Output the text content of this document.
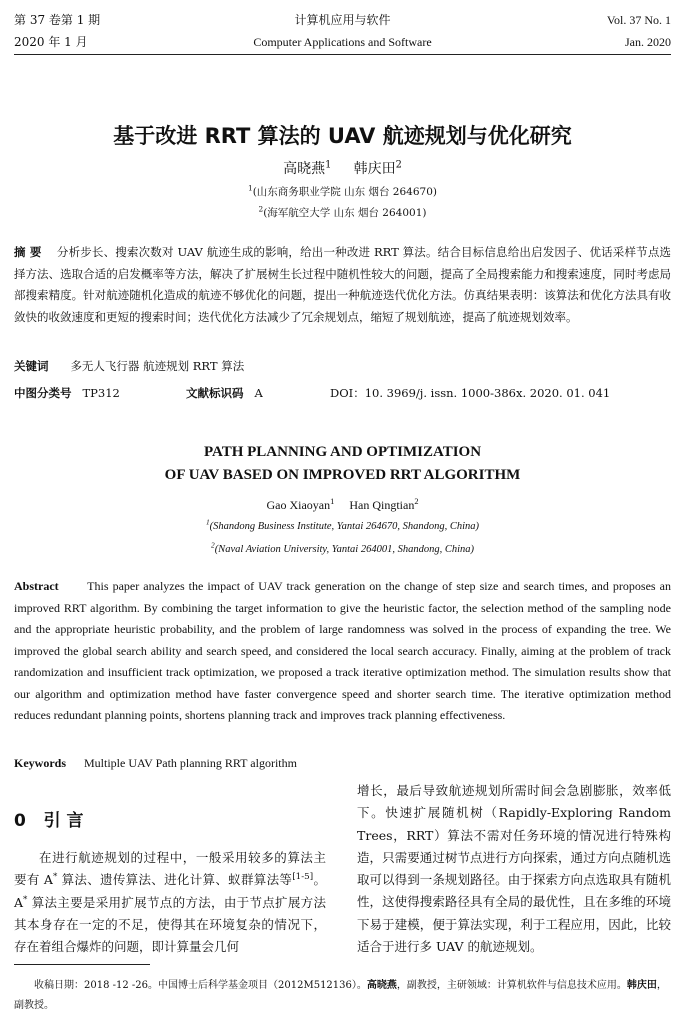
第 37 卷第 1 期
2020 年 1 月
计算机应用与软件
Computer Applications and Software
Vol. 37 No. 1
Jan. 2020
基于改进 RRT 算法的 UAV 航迹规划与优化研究
高晓燕$^1$ 韩庆田$^2$
$^1$(山东商务职业学院 山东 烟台 264670)
$^2$(海军航空大学 山东 烟台 264001)
摘 要 分析步长、搜索次数对 UAV 航迹生成的影响，给出一种改进 RRT 算法。结合目标信息给出启发因子、优话采样节点选择方法、选取合适的启发概率等方法，解决了扩展树生长过程中随机性较大的问题，提高了全局搜索能力和搜索速度，同时考虑局部搜索精度。针对航迹随机化造成的航迹不够优化的问题，提出一种航迹迭代优化方法。仿真结果表明：该算法和优化方法具有收敛快的收敛速度和更短的搜索时间；迭代优化方法减少了冗余规划点，缩短了规划航迹，提高了航迹规划效率。
关键词 多无人飞行器 航迹规划 RRT 算法
中图分类号 TP312	文献标识码 A	DOI：10. 3969/j. issn. 1000-386x. 2020. 01. 041
PATH PLANNING AND OPTIMIZATION
OF UAV BASED ON IMPROVED RRT ALGORITHM
Gao Xiaoyan$^1$ Han Qingtian$^2$
$^1$(Shandong Business Institute, Yantai 264670, Shandong, China)
$^2$(Naval Aviation University, Yantai 264001, Shandong, China)
Abstract This paper analyzes the impact of UAV track generation on the change of step size and search times, and proposes an improved RRT algorithm. By combining the target information to give the heuristic factor, the selection method of the sampling node and the appropriate heuristic probability, and the problem of large randomness was solved in the process of expanding the tree. We improved the global search ability and search speed, and considered the local search accuracy. Finally, aiming at the problem of track randomization and insufficient track optimization, we proposed a track iterative optimization method. The simulation results show that our algorithm and optimization method have faster convergence speed and shorter search time. The iterative optimization method reduces redundant planning points, shortens planning track and improves track planning effectiveness.
Keywords Multiple UAV Path planning RRT algorithm
0 引 言
在进行航迹规划的过程中，一般采用较多的算法主要有 A* 算法、遗传算法、进化计算、蚁群算法等[1-5]。A* 算法主要是采用扩展节点的方法，由于节点扩展方法其本身存在一定的不足，使得其在环境复杂的情况下，存在着组合爆炸的问题，即计算量会几何
增长，最后导致航迹规划所需时间会急剧膨胀，效率低下。快速扩展随机树（Rapidly-Exploring Random Trees，RRT）算法不需对任务环境的情况进行特殊构造，只需要通过树节点进行方向探索，通过方向点随机选取可以得到一条规划路径。由于探索方向点选取具有随机性，这使得搜索路径具有全局的最优性，且在多维的环境下易于建模，便于算法实现，利于工程应用，因此，比较适合于进行多 UAV 的航迹规划。
收稿日期：2018 -12 -26。中国博士后科学基金项目（2012M512136）。高晓燕，副教授，主研领域：计算机软件与信息技术应用。韩庆田，副教授。
